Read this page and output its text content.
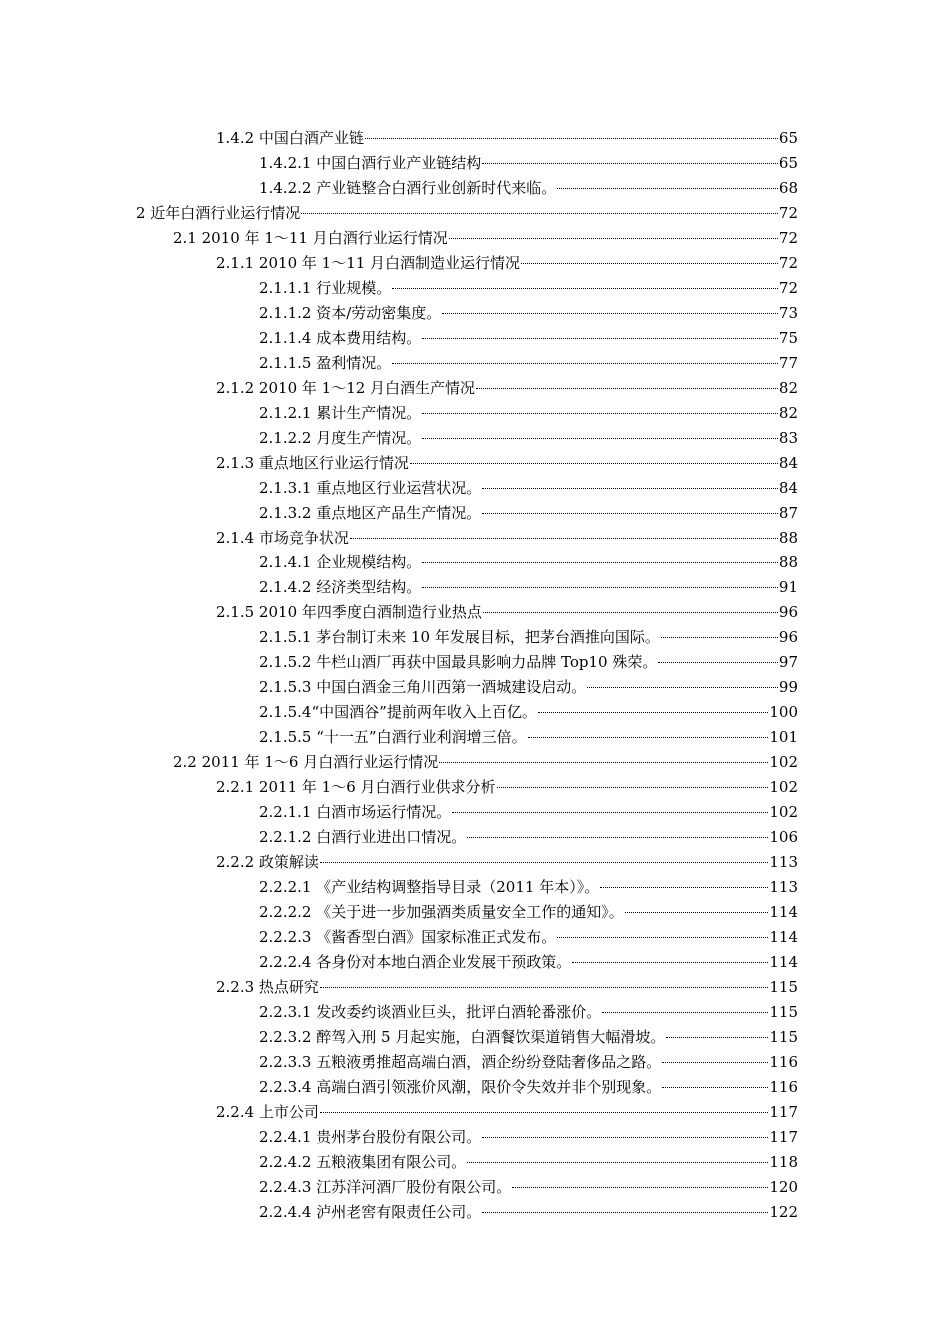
1.4.2 中国白酒产业链	65
1.4.2.1 中国白酒行业产业链结构	65
1.4.2.2 产业链整合白酒行业创新时代来临。	68
2 近年白酒行业运行情况	72
2.1 2010 年 1～11 月白酒行业运行情况	72
2.1.1 2010 年 1～11 月白酒制造业运行情况	72
2.1.1.1 行业规模。	72
2.1.1.2 资本/劳动密集度。	73
2.1.1.4 成本费用结构。	75
2.1.1.5 盈利情况。	77
2.1.2 2010 年 1～12 月白酒生产情况	82
2.1.2.1 累计生产情况。	82
2.1.2.2 月度生产情况。	83
2.1.3 重点地区行业运行情况	84
2.1.3.1 重点地区行业运营状况。	84
2.1.3.2 重点地区产品生产情况。	87
2.1.4 市场竞争状况	88
2.1.4.1 企业规模结构。	88
2.1.4.2 经济类型结构。	91
2.1.5 2010 年四季度白酒制造行业热点	96
2.1.5.1 茅台制订未来 10 年发展目标，把茅台酒推向国际。	96
2.1.5.2 牛栏山酒厂再获中国最具影响力品牌 Top10 殊荣。	97
2.1.5.3 中国白酒金三角川西第一酒城建设启动。	99
2.1.5.4“中国酒谷”提前两年收入上百亿。	100
2.1.5.5 “十一五”白酒行业利润增三倍。	101
2.2 2011 年 1～6 月白酒行业运行情况	102
2.2.1 2011 年 1～6 月白酒行业供求分析	102
2.2.1.1 白酒市场运行情况。	102
2.2.1.2 白酒行业进出口情况。	106
2.2.2 政策解读	113
2.2.2.1 《产业结构调整指导目录（2011 年本）》。	113
2.2.2.2 《关于进一步加强酒类质量安全工作的通知》。	114
2.2.2.3 《酱香型白酒》国家标准正式发布。	114
2.2.2.4 各身份对本地白酒企业发展干预政策。	114
2.2.3 热点研究	115
2.2.3.1 发改委约谈酒业巨头，批评白酒轮番涨价。	115
2.2.3.2 醉驾入刑 5 月起实施，白酒餐饮渠道销售大幅滑坡。	115
2.2.3.3 五粮液勇推超高端白酒，酒企纷纷登陆奢侈品之路。	116
2.2.3.4 高端白酒引领涨价风潮，限价令失效并非个别现象。	116
2.2.4 上市公司	117
2.2.4.1 贵州茅台股份有限公司。	117
2.2.4.2 五粮液集团有限公司。	118
2.2.4.3 江苏洋河酒厂股份有限公司。	120
2.2.4.4 泸州老窖有限责任公司。	122
